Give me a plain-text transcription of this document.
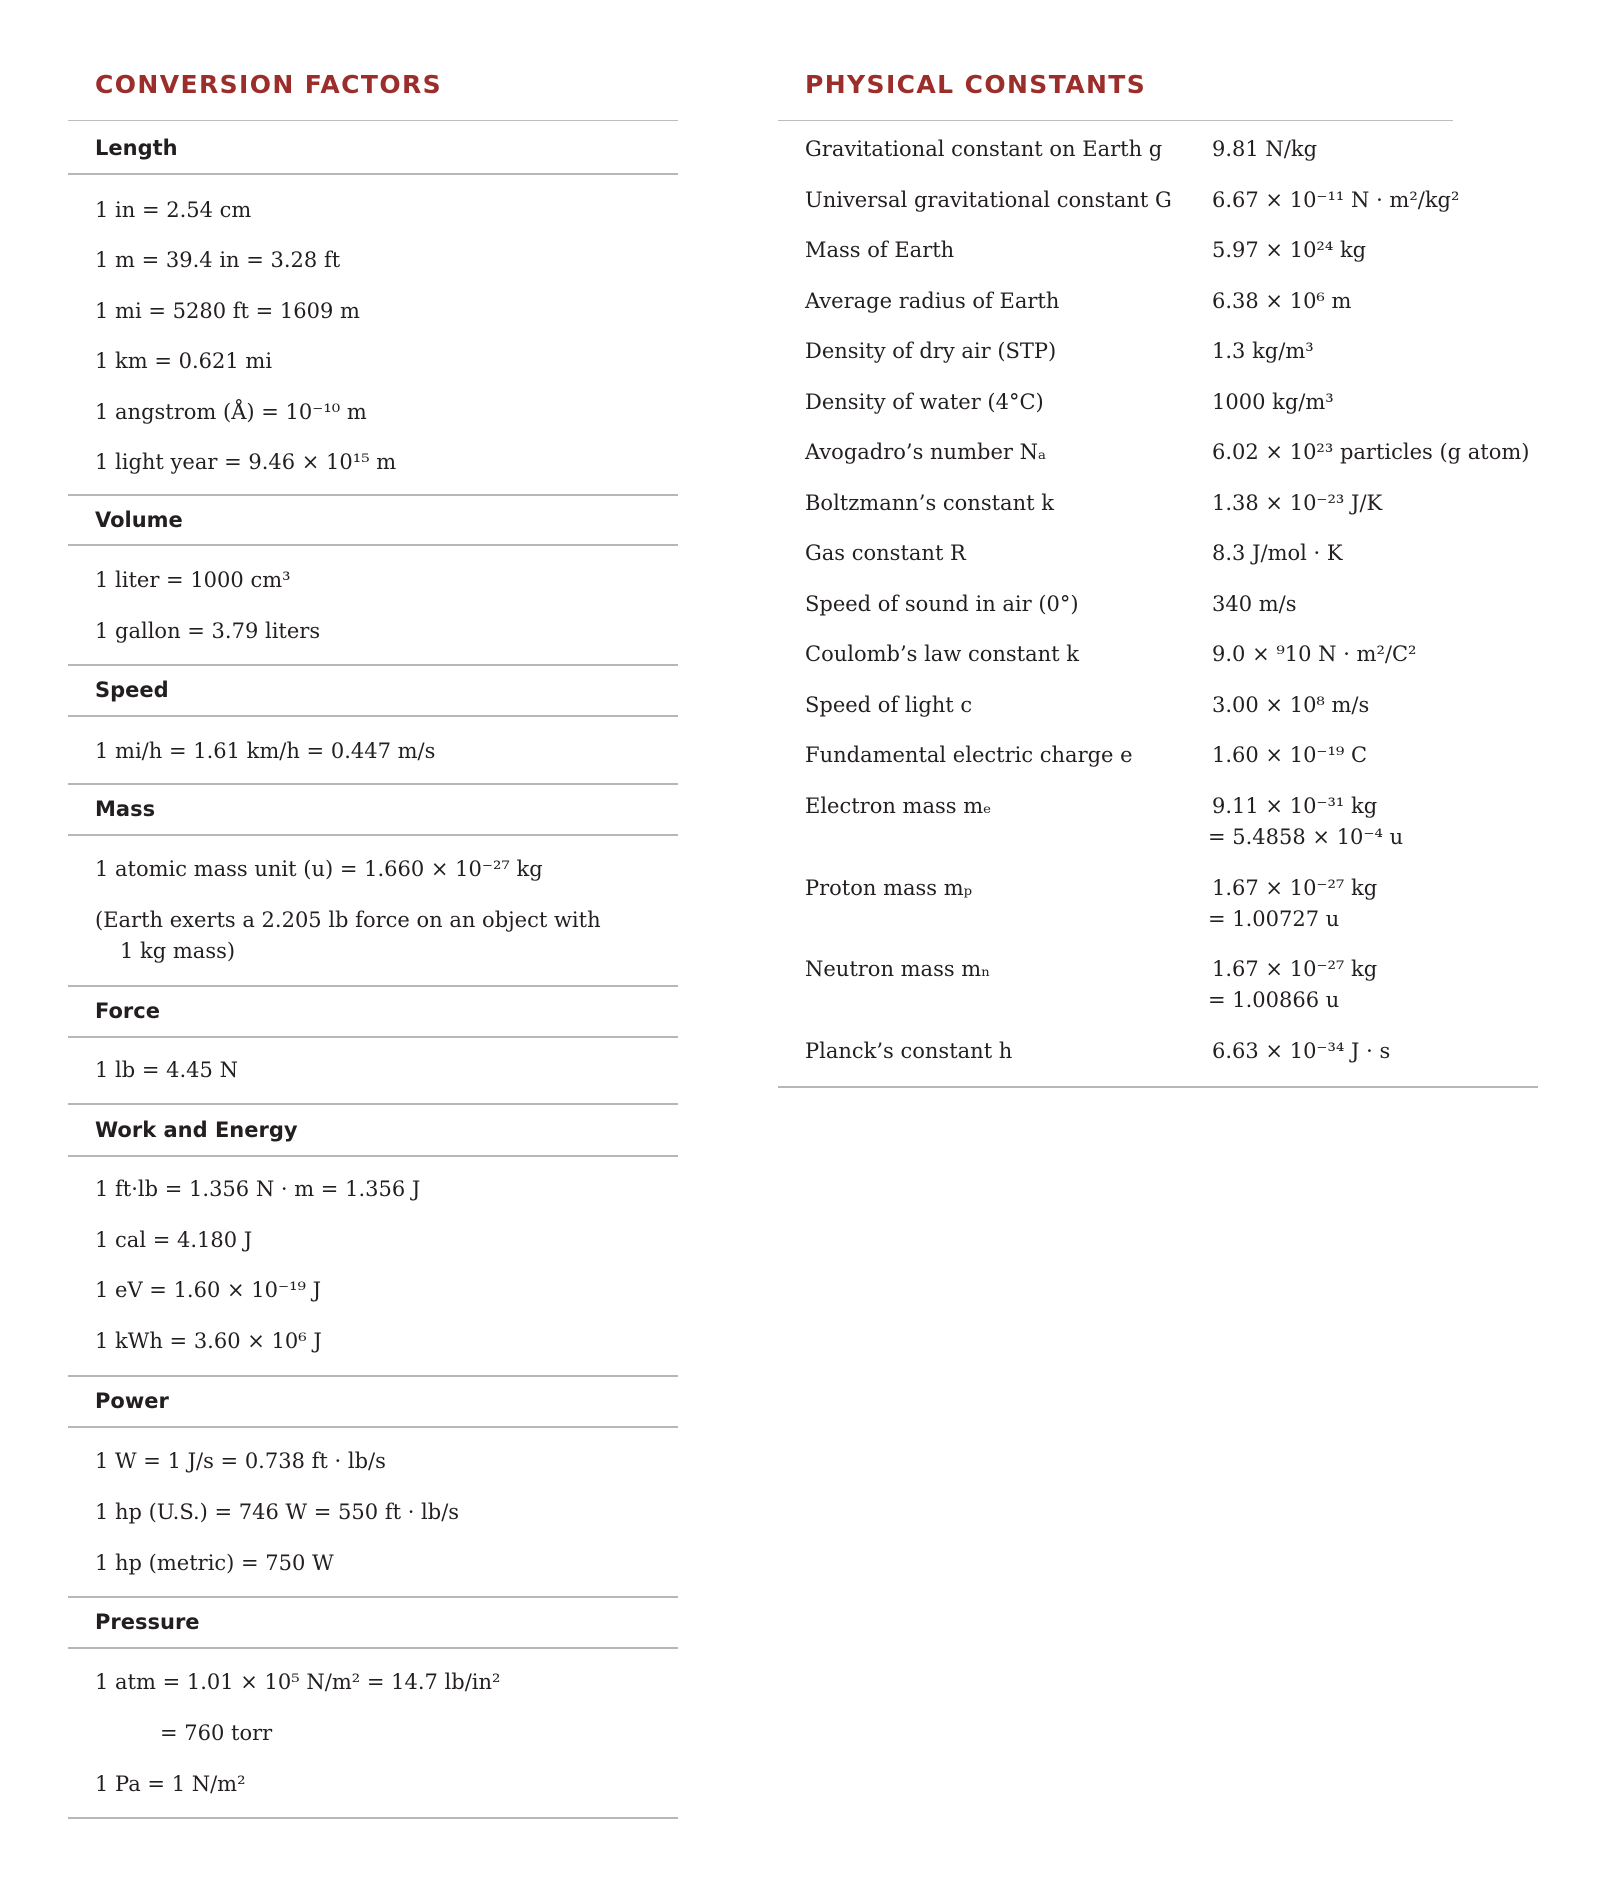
CONVERSION FACTORS
Length
1 in = 2.54 cm
1 m = 39.4 in = 3.28 ft
1 mi = 5280 ft = 1609 m
1 km = 0.621 mi
1 angstrom (Å) = 10⁻¹⁰ m
1 light year = 9.46 × 10¹⁵ m
Volume
1 liter = 1000 cm³
1 gallon = 3.79 liters
Speed
1 mi/h = 1.61 km/h = 0.447 m/s
Mass
1 atomic mass unit (u) = 1.660 × 10⁻²⁷ kg
(Earth exerts a 2.205 lb force on an object with
1 kg mass)
Force
1 lb = 4.45 N
Work and Energy
1 ft·lb = 1.356 N · m = 1.356 J
1 cal = 4.180 J
1 eV = 1.60 × 10⁻¹⁹ J
1 kWh = 3.60 × 10⁶ J
Power
1 W = 1 J/s = 0.738 ft · lb/s
1 hp (U.S.) = 746 W = 550 ft · lb/s
1 hp (metric) = 750 W
Pressure
1 atm = 1.01 × 10⁵ N/m² = 14.7 lb/in²
= 760 torr
1 Pa = 1 N/m²
PHYSICAL CONSTANTS
Gravitational constant on Earth g 9.81 N/kg
Universal gravitational constant G 6.67 × 10⁻¹¹ N · m²/kg²
Mass of Earth	5.97 × 10²⁴ kg
Average radius of Earth	6.38 × 10⁶ m
Density of dry air (STP)	1.3 kg/m³
Density of water (4°C)	1000 kg/m³
Avogadro’s number Nₐ	6.02 × 10²³ particles (g atom)
Boltzmann’s constant k	1.38 × 10⁻²³ J/K
Gas constant R	8.3 J/mol · K
Speed of sound in air (0°)	340 m/s
Coulomb’s law constant k	9.0 × ⁹10 N · m²/C²
Speed of light c	3.00 × 10⁸ m/s
Fundamental electric charge e	1.60 × 10⁻¹⁹ C
Electron mass mₑ	9.11 × 10⁻³¹ kg
= 5.4858 × 10⁻⁴ u
Proton mass mₚ	1.67 × 10⁻²⁷ kg
= 1.00727 u
Neutron mass mₙ	1.67 × 10⁻²⁷ kg
= 1.00866 u
Planck’s constant h	6.63 × 10⁻³⁴ J · s
